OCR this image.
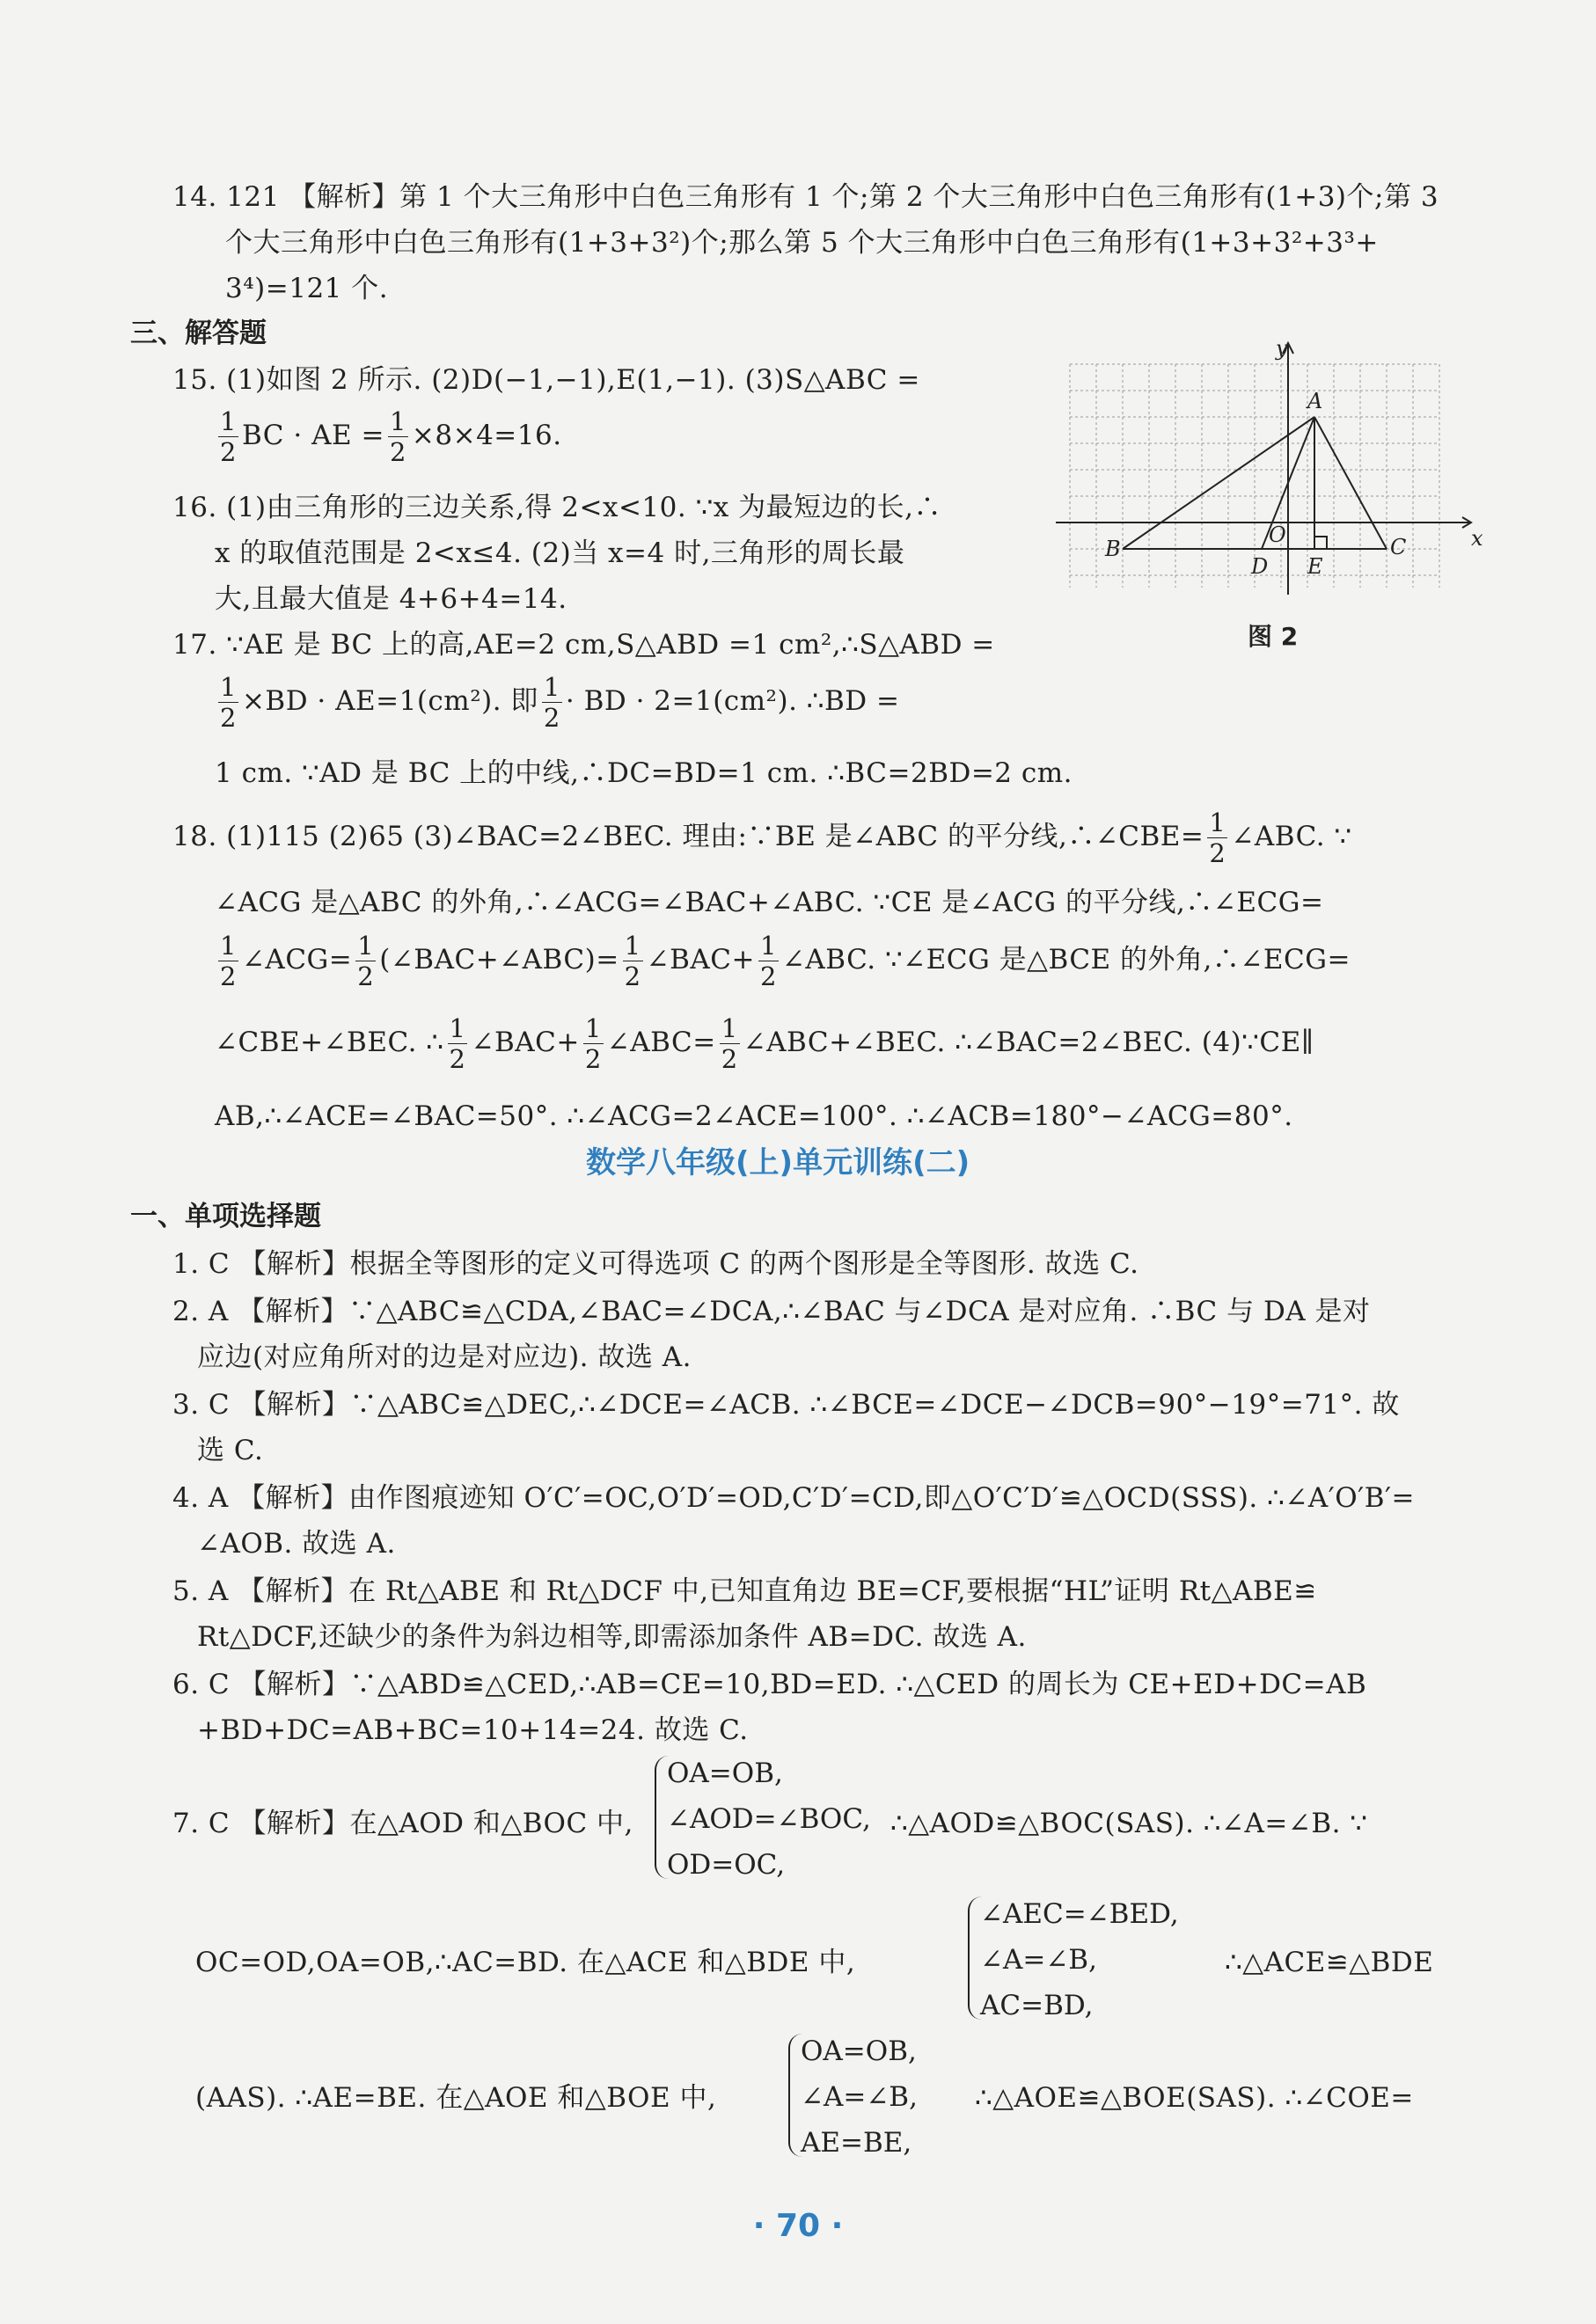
14. 121 【解析】第 1 个大三角形中白色三角形有 1 个;第 2 个大三角形中白色三角形有(1+3)个;第 3
个大三角形中白色三角形有(1+3+3²)个;那么第 5 个大三角形中白色三角形有(1+3+3²+3³+
3⁴)=121 个.
三、解答题
15. (1)如图 2 所示. (2)D(−1,−1),E(1,−1). (3)S△ABC =
$\frac{1}{2}$ BC · AE = $\frac{1}{2} \times 8\times 4=16$.
16. (1)由三角形的三边关系,得 2<x<10. ∵x 为最短边的长,∴
x 的取值范围是 2<x≤4. (2)当 x=4 时,三角形的周长最
大,且最大值是 4+6+4=14.
17. ∵AE 是 BC 上的高,AE=2 cm,S△ABD =1 cm²,∴S△ABD =
$\frac{1}{2} \times BD \cdot AE=1(cm^2)$. 即 $\frac{1}{2}$ · BD · 2=1(cm²). ∴BD =
1 cm. ∵AD 是 BC 上的中线,∴DC=BD=1 cm. ∴BC=2BD=2 cm.
18. (1)115 (2)65 (3)∠BAC=2∠BEC. 理由:∵BE 是∠ABC 的平分线,∴∠CBE= $\frac{1}{2}$ ∠ABC. ∵
∠ACG 是△ABC 的外角,∴∠ACG=∠BAC+∠ABC. ∵CE 是∠ACG 的平分线,∴∠ECG=
$\frac{1}{2}$ ∠ACG= $\frac{1}{2}$ (∠BAC+∠ABC)= $\frac{1}{2}$ ∠BAC+ $\frac{1}{2}$ ∠ABC. ∵∠ECG 是△BCE 的外角,∴∠ECG=
∠CBE+∠BEC. ∴ $\frac{1}{2}$ ∠BAC+ $\frac{1}{2}$ ∠ABC= $\frac{1}{2}$ ∠ABC+∠BEC. ∴∠BAC=2∠BEC. (4)∵CE∥
AB,∴∠ACE=∠BAC=50°. ∴∠ACG=2∠ACE=100°. ∴∠ACB=180°−∠ACG=80°.
数学八年级(上)单元训练(二)
一、单项选择题
1. C 【解析】根据全等图形的定义可得选项 C 的两个图形是全等图形. 故选 C.
2. A 【解析】∵△ABC≌△CDA,∠BAC=∠DCA,∴∠BAC 与∠DCA 是对应角. ∴BC 与 DA 是对
应边(对应角所对的边是对应边). 故选 A.
3. C 【解析】∵△ABC≌△DEC,∴∠DCE=∠ACB. ∴∠BCE=∠DCE−∠DCB=90°−19°=71°. 故
选 C.
4. A 【解析】由作图痕迹知 O′C′=OC,O′D′=OD,C′D′=CD,即△O′C′D′≌△OCD(SSS). ∴∠A′O′B′=
∠AOB. 故选 A.
5. A 【解析】在 Rt△ABE 和 Rt△DCF 中,已知直角边 BE=CF,要根据“HL”证明 Rt△ABE≌
Rt△DCF,还缺少的条件为斜边相等,即需添加条件 AB=DC. 故选 A.
6. C 【解析】∵△ABD≌△CED,∴AB=CE=10,BD=ED. ∴△CED 的周长为 CE+ED+DC=AB
+BD+DC=AB+BC=10+14=24. 故选 C.
7. C 【解析】在△AOD 和△BOC 中,
OA=OB,
∠AOD=∠BOC,
OD=OC,
∴△AOD≌△BOC(SAS). ∴∠A=∠B. ∵
OC=OD,OA=OB,∴AC=BD. 在△ACE 和△BDE 中,
∠AEC=∠BED,
∠A=∠B,
AC=BD,
∴△ACE≌△BDE
(AAS). ∴AE=BE. 在△AOE 和△BOE 中,
OA=OB,
∠A=∠B,
AE=BE,
∴△AOE≌△BOE(SAS). ∴∠COE=
y
x
A
B	C
D E
O
图 2
· 70 ·
